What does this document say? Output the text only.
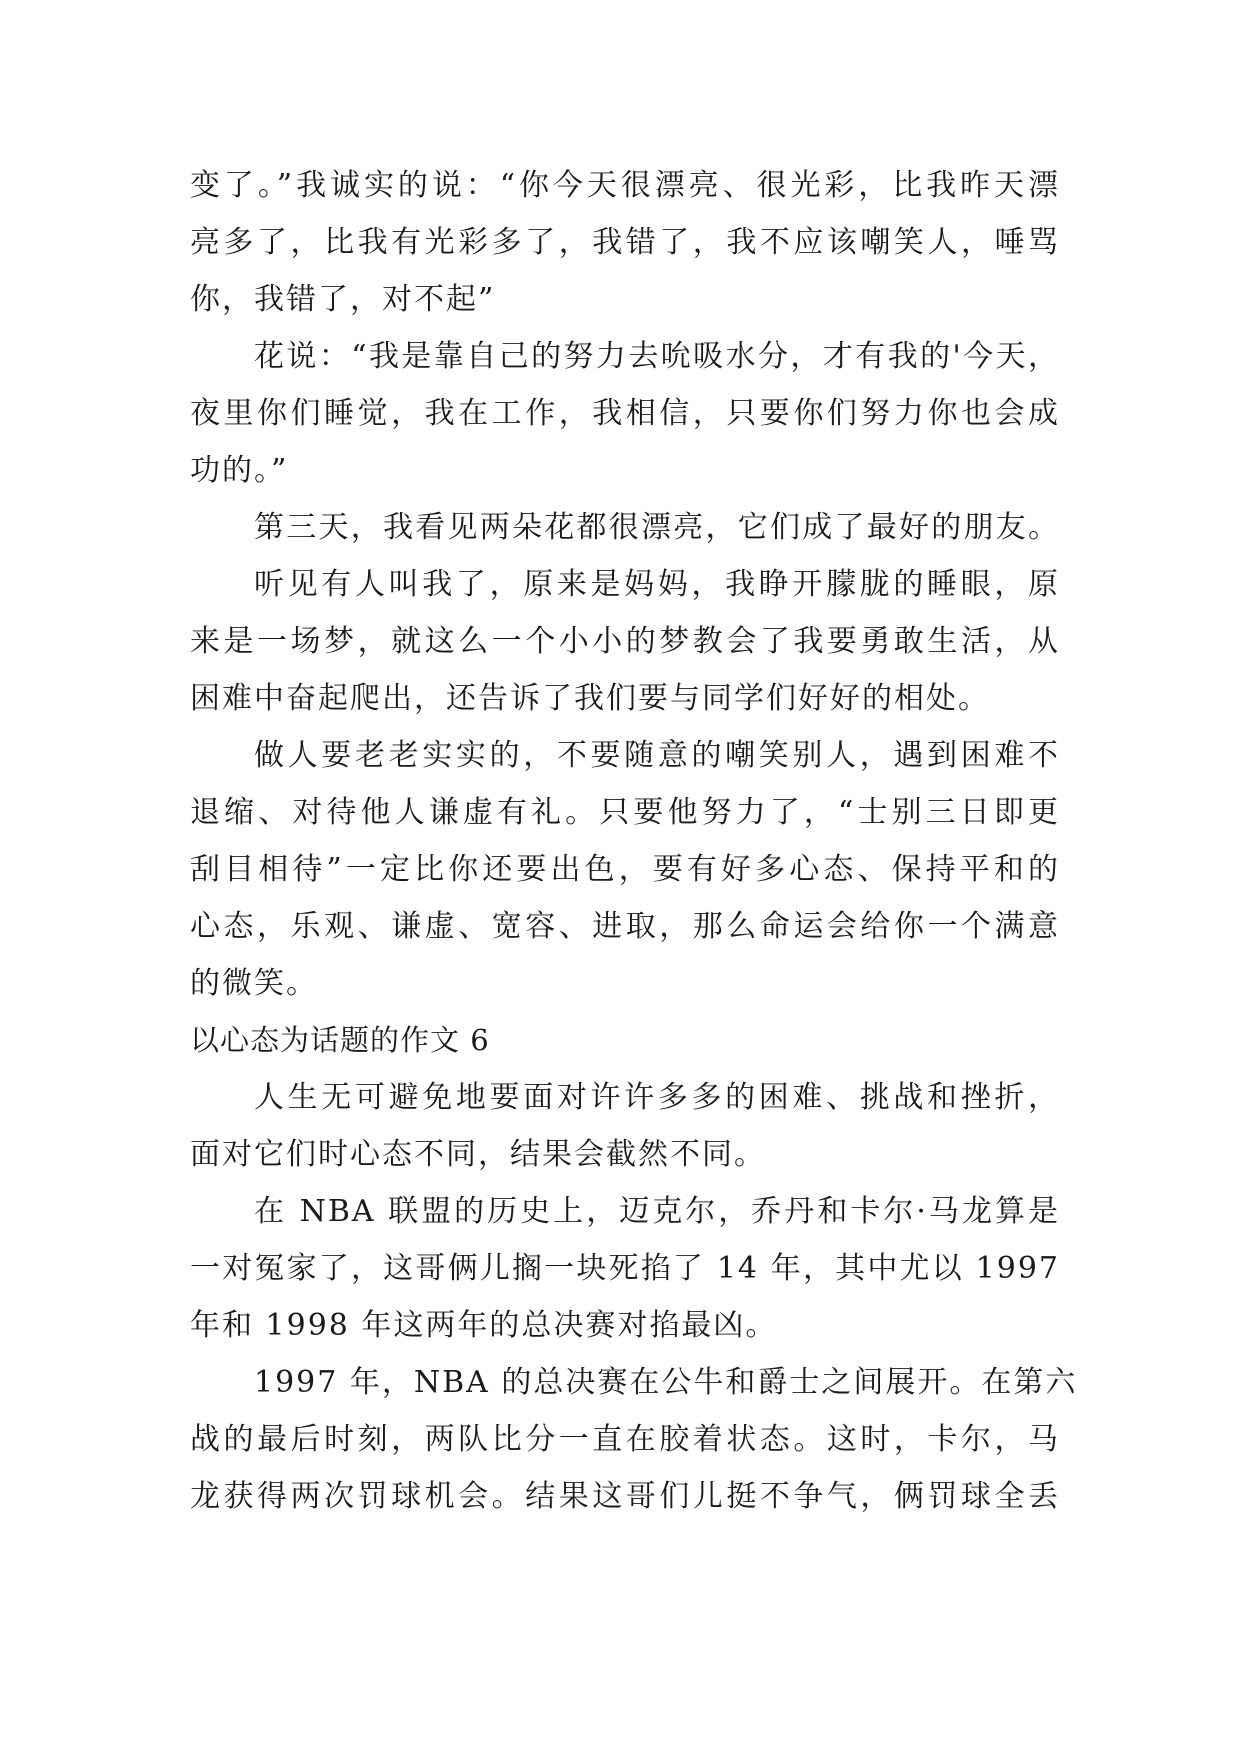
变了。”我诚实的说：“你今天很漂亮、很光彩，比我昨天漂
亮多了，比我有光彩多了，我错了，我不应该嘲笑人，唾骂
你，我错了，对不起”
花说：“我是靠自己的努力去吮吸水分，才有我的'今天，
夜里你们睡觉，我在工作，我相信，只要你们努力你也会成
功的。”
第三天，我看见两朵花都很漂亮，它们成了最好的朋友。
听见有人叫我了，原来是妈妈，我睁开朦胧的睡眼，原
来是一场梦，就这么一个小小的梦教会了我要勇敢生活，从
困难中奋起爬出，还告诉了我们要与同学们好好的相处。
做人要老老实实的，不要随意的嘲笑别人，遇到困难不
退缩、对待他人谦虚有礼。只要他努力了，“士别三日即更
刮目相待”一定比你还要出色，要有好多心态、保持平和的
心态，乐观、谦虚、宽容、进取，那么命运会给你一个满意
的微笑。
以心态为话题的作文 6
人生无可避免地要面对许许多多的困难、挑战和挫折，
面对它们时心态不同，结果会截然不同。
在 NBA 联盟的历史上，迈克尔，乔丹和卡尔·马龙算是
一对冤家了，这哥俩儿搁一块死掐了 14 年，其中尤以 1997
年和 1998 年这两年的总决赛对掐最凶。
1997 年，NBA 的总决赛在公牛和爵士之间展开。在第六
战的最后时刻，两队比分一直在胶着状态。这时，卡尔，马
龙获得两次罚球机会。结果这哥们儿挺不争气，俩罚球全丢
